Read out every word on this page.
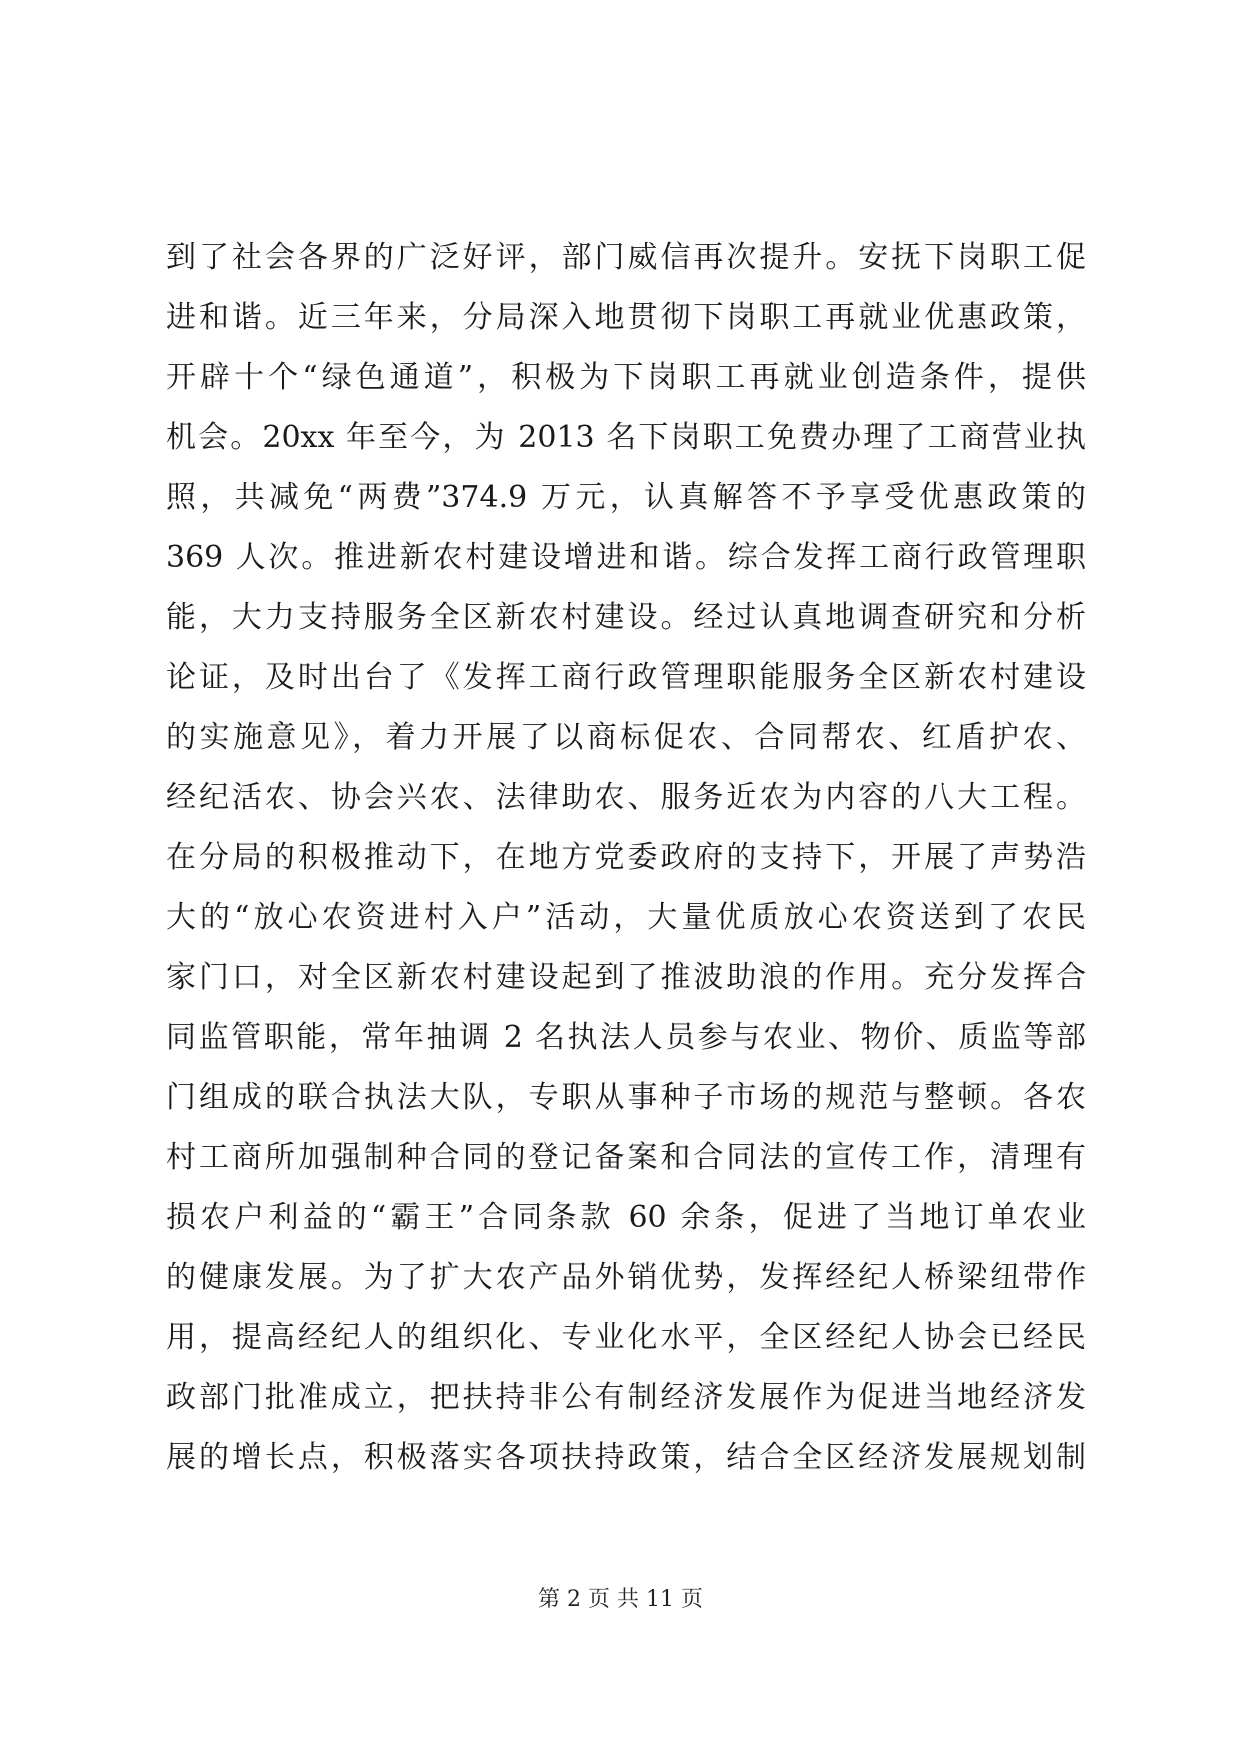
到了社会各界的广泛好评，部门威信再次提升。安抚下岗职工促
进和谐。近三年来，分局深入地贯彻下岗职工再就业优惠政策，
开辟十个“绿色通道”，积极为下岗职工再就业创造条件，提供
机会。20xx 年至今，为 2013 名下岗职工免费办理了工商营业执
照，共减免“两费”374.9 万元，认真解答不予享受优惠政策的
369 人次。推进新农村建设增进和谐。综合发挥工商行政管理职
能，大力支持服务全区新农村建设。经过认真地调查研究和分析
论证，及时出台了《发挥工商行政管理职能服务全区新农村建设
的实施意见》，着力开展了以商标促农、合同帮农、红盾护农、
经纪活农、协会兴农、法律助农、服务近农为内容的八大工程。
在分局的积极推动下，在地方党委政府的支持下，开展了声势浩
大的“放心农资进村入户”活动，大量优质放心农资送到了农民
家门口，对全区新农村建设起到了推波助浪的作用。充分发挥合
同监管职能，常年抽调 2 名执法人员参与农业、物价、质监等部
门组成的联合执法大队，专职从事种子市场的规范与整顿。各农
村工商所加强制种合同的登记备案和合同法的宣传工作，清理有
损农户利益的“霸王”合同条款 60 余条，促进了当地订单农业
的健康发展。为了扩大农产品外销优势，发挥经纪人桥梁纽带作
用，提高经纪人的组织化、专业化水平，全区经纪人协会已经民
政部门批准成立，把扶持非公有制经济发展作为促进当地经济发
展的增长点，积极落实各项扶持政策，结合全区经济发展规划制
第 2 页 共 11 页
